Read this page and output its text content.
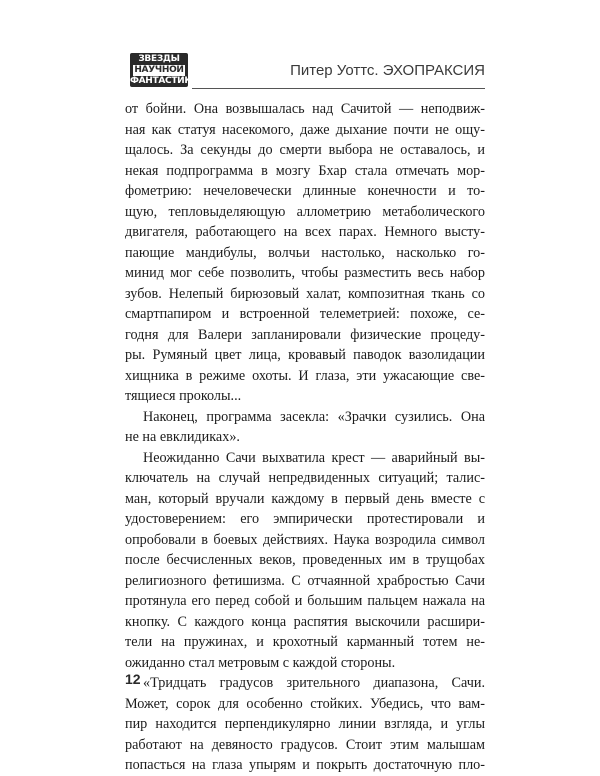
ЗВЕЗДЫ
НАУЧНОЙ
ФАНТАСТИКИ
Питер Уоттс. ЭХОПРАКСИЯ
от бойни. Она возвышалась над Сачитой — неподвиж-
ная как статуя насекомого, даже дыхание почти не ощу-
щалось. За секунды до смерти выбора не оставалось, и
некая подпрограмма в мозгу Бхар стала отмечать мор-
фометрию: нечеловечески длинные конечности и то-
щую, тепловыделяющую аллометрию метаболического
двигателя, работающего на всех парах. Немного высту-
пающие мандибулы, волчьи настолько, насколько го-
минид мог себе позволить, чтобы разместить весь набор
зубов. Нелепый бирюзовый халат, композитная ткань со
смартпапиром и встроенной телеметрией: похоже, се-
годня для Валери запланировали физические процеду-
ры. Румяный цвет лица, кровавый паводок вазолидации
хищника в режиме охоты. И глаза, эти ужасающие све-
тящиеся проколы...
Наконец, программа засекла: «Зрачки сузились. Она
не на евклидиках».
Неожиданно Сачи выхватила крест — аварийный вы-
ключатель на случай непредвиденных ситуаций; талис-
ман, который вручали каждому в первый день вместе с
удостоверением: его эмпирически протестировали и
опробовали в боевых действиях. Наука возродила символ
после бесчисленных веков, проведенных им в трущобах
религиозного фетишизма. С отчаянной храбростью Сачи
протянула его перед собой и большим пальцем нажала на
кнопку. С каждого конца распятия выскочили расшири-
тели на пружинах, и крохотный карманный тотем не-
ожиданно стал метровым с каждой стороны.
«Тридцать градусов зрительного диапазона, Сачи.
Может, сорок для особенно стойких. Убедись, что вам-
пир находится перпендикулярно линии взгляда, и углы
работают на девяносто градусов. Стоит этим малышам
попасться на глаза упырям и покрыть достаточную пло-
12
